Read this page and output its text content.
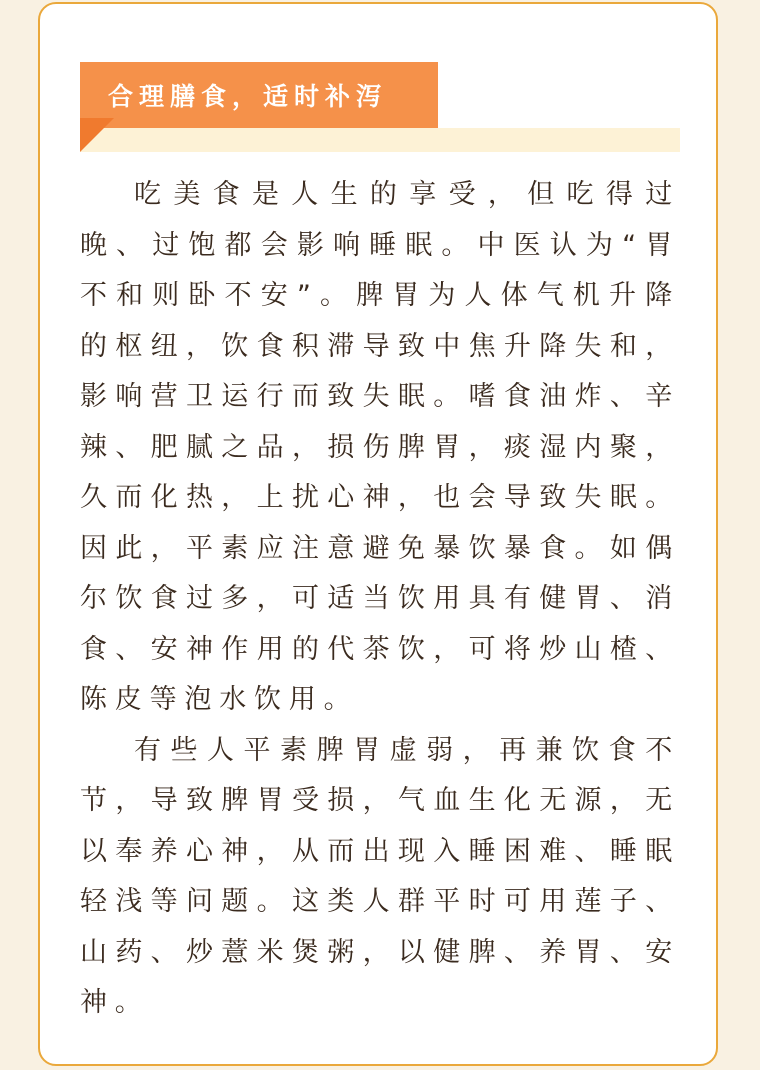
合理膳食，适时补泻

吃美食是人生的享受，但吃得过晚、过饱都会影响睡眠。中医认为“胃不和则卧不安”。脾胃为人体气机升降的枢纽，饮食积滞导致中焦升降失和，影响营卫运行而致失眠。嗜食油炸、辛辣、肥腻之品，损伤脾胃，痰湿内聚，久而化热，上扰心神，也会导致失眠。因此，平素应注意避免暴饮暴食。如偶尔饮食过多，可适当饮用具有健胃、消食、安神作用的代茶饮，可将炒山楂、陈皮等泡水饮用。

有些人平素脾胃虚弱，再兼饮食不节，导致脾胃受损，气血生化无源，无以奉养心神，从而出现入睡困难、睡眠轻浅等问题。这类人群平时可用莲子、山药、炒薏米煲粥，以健脾、养胃、安神。
